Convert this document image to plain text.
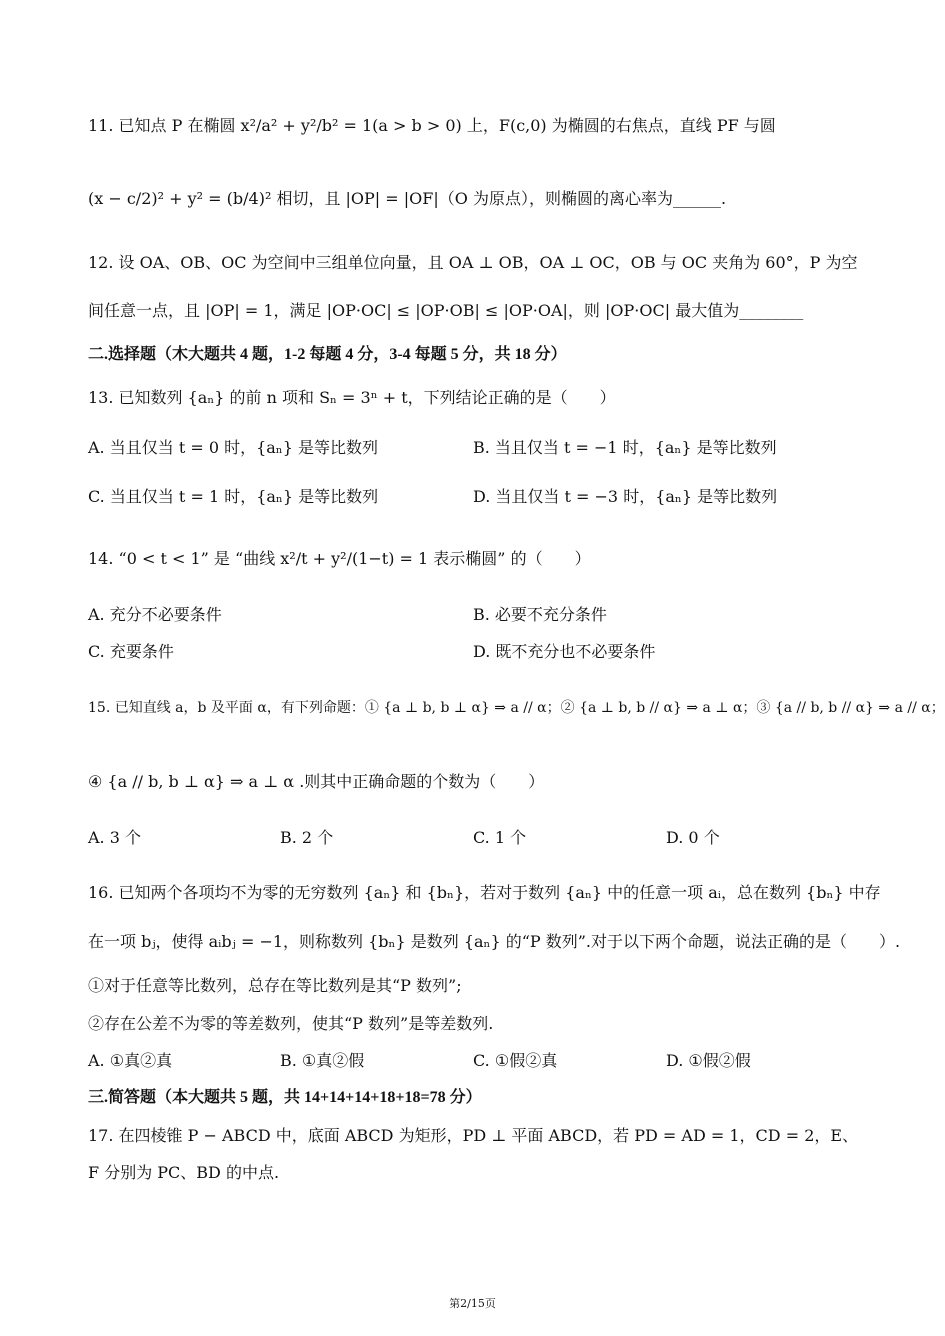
11. 已知点 P 在椭圆 x²/a² + y²/b² = 1(a > b > 0) 上，F(c,0) 为椭圆的右焦点，直线 PF 与圆
(x − c/2)² + y² = (b/4)² 相切，且 |OP| = |OF|（O 为原点），则椭圆的离心率为______.
12. 设 OA、OB、OC 为空间中三组单位向量，且 OA ⊥ OB，OA ⊥ OC，OB 与 OC 夹角为 60°，P 为空
间任意一点，且 |OP| = 1，满足 |OP·OC| ≤ |OP·OB| ≤ |OP·OA|，则 |OP·OC| 最大值为________
二.选择题（木大题共 4 题，1-2 每题 4 分，3-4 每题 5 分，共 18 分）
13. 已知数列 {aₙ} 的前 n 项和 Sₙ = 3ⁿ + t，下列结论正确的是（　　）
A. 当且仅当 t = 0 时，{aₙ} 是等比数列	B. 当且仅当 t = −1 时，{aₙ} 是等比数列
C. 当且仅当 t = 1 时，{aₙ} 是等比数列	D. 当且仅当 t = −3 时，{aₙ} 是等比数列
14. “0 < t < 1” 是 “曲线 x²/t + y²/(1−t) = 1 表示椭圆” 的（　　）
A. 充分不必要条件	B. 必要不充分条件
C. 充要条件	D. 既不充分也不必要条件
15. 已知直线 a，b 及平面 α，有下列命题：① {a ⊥ b, b ⊥ α} ⇒ a // α；② {a ⊥ b, b // α} ⇒ a ⊥ α；③ {a // b, b // α} ⇒ a // α；
④ {a // b, b ⊥ α} ⇒ a ⊥ α .则其中正确命题的个数为（　　）
A. 3 个	B. 2 个	C. 1 个	D. 0 个
16. 已知两个各项均不为零的无穷数列 {aₙ} 和 {bₙ}，若对于数列 {aₙ} 中的任意一项 aᵢ，总在数列 {bₙ} 中存
在一项 bⱼ，使得 aᵢbⱼ = −1，则称数列 {bₙ} 是数列 {aₙ} 的“P 数列”.对于以下两个命题，说法正确的是（　　）.
①对于任意等比数列，总存在等比数列是其“P 数列”;
②存在公差不为零的等差数列，使其“P 数列”是等差数列.
A. ①真②真	B. ①真②假	C. ①假②真	D. ①假②假
三.简答题（本大题共 5 题，共 14+14+14+18+18=78 分）
17. 在四棱锥 P − ABCD 中，底面 ABCD 为矩形，PD ⊥ 平面 ABCD，若 PD = AD = 1，CD = 2，E、
F 分别为 PC、BD 的中点.
第2/15页
